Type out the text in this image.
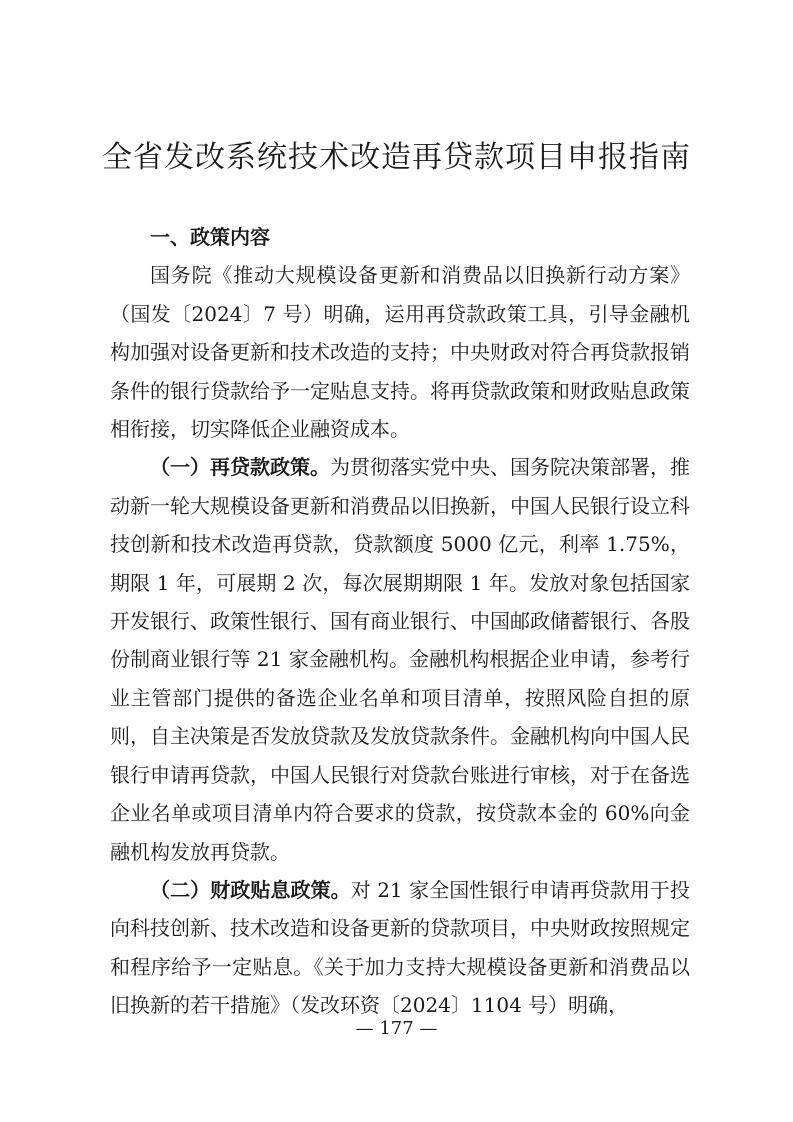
全省发改系统技术改造再贷款项目申报指南

一、政策内容

国务院《推动大规模设备更新和消费品以旧换新行动方案》（国发〔2024〕7 号）明确，运用再贷款政策工具，引导金融机构加强对设备更新和技术改造的支持；中央财政对符合再贷款报销条件的银行贷款给予一定贴息支持。将再贷款政策和财政贴息政策相衔接，切实降低企业融资成本。

（一）再贷款政策。为贯彻落实党中央、国务院决策部署，推动新一轮大规模设备更新和消费品以旧换新，中国人民银行设立科技创新和技术改造再贷款，贷款额度 5000 亿元，利率 1.75%，期限 1 年，可展期 2 次，每次展期期限 1 年。发放对象包括国家开发银行、政策性银行、国有商业银行、中国邮政储蓄银行、各股份制商业银行等 21 家金融机构。金融机构根据企业申请，参考行业主管部门提供的备选企业名单和项目清单，按照风险自担的原则，自主决策是否发放贷款及发放贷款条件。金融机构向中国人民银行申请再贷款，中国人民银行对贷款台账进行审核，对于在备选企业名单或项目清单内符合要求的贷款，按贷款本金的 60%向金融机构发放再贷款。

（二）财政贴息政策。对 21 家全国性银行申请再贷款用于投向科技创新、技术改造和设备更新的贷款项目，中央财政按照规定和程序给予一定贴息。《关于加力支持大规模设备更新和消费品以旧换新的若干措施》（发改环资〔2024〕1104 号）明确，

— 177 —
